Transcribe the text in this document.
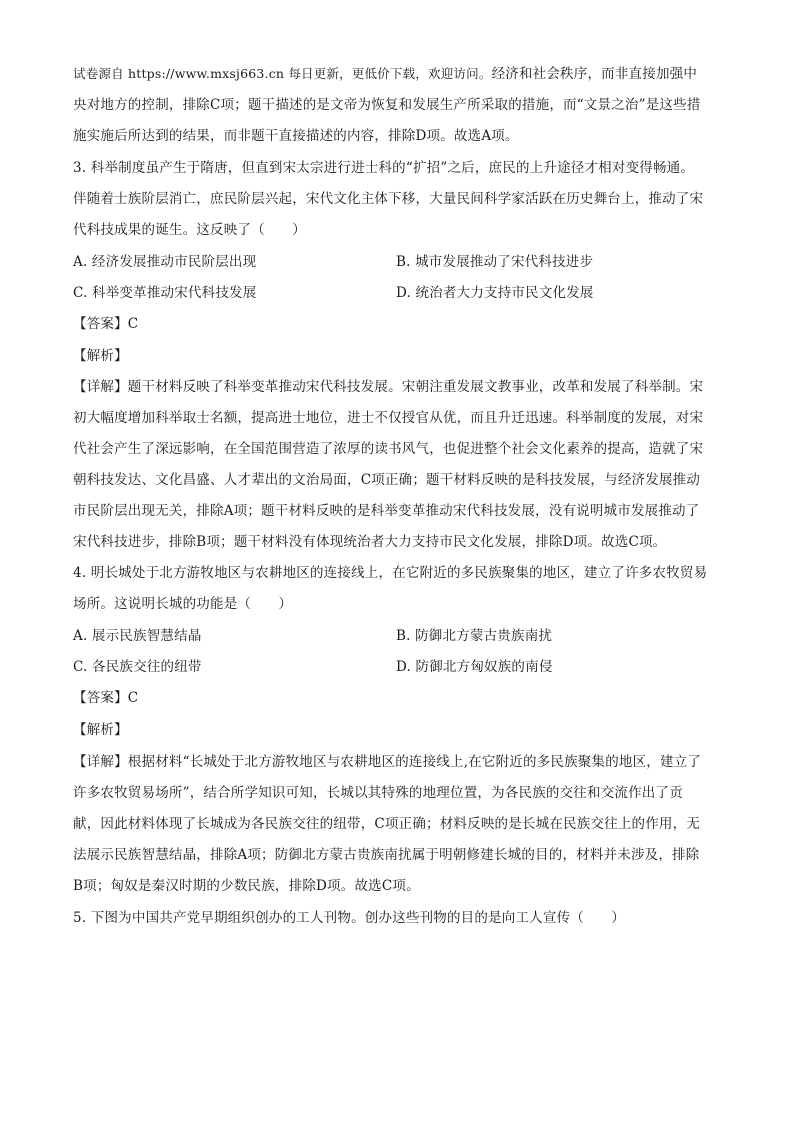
试卷源自 https://www.mxsj663.cn 每日更新，更低价下载，欢迎访问。经济和社会秩序，而非直接加强中
央对地方的控制，排除C项；题干描述的是文帝为恢复和发展生产所采取的措施，而“文景之治”是这些措
施实施后所达到的结果，而非题干直接描述的内容，排除D项。故选A项。
3. 科举制度虽产生于隋唐，但直到宋太宗进行进士科的“扩招”之后，庶民的上升途径才相对变得畅通。
伴随着士族阶层消亡，庶民阶层兴起，宋代文化主体下移，大量民间科学家活跃在历史舞台上，推动了宋
代科技成果的诞生。这反映了（　　）
A. 经济发展推动市民阶层出现	B. 城市发展推动了宋代科技进步
C. 科举变革推动宋代科技发展	D. 统治者大力支持市民文化发展
【答案】C
【解析】
【详解】题干材料反映了科举变革推动宋代科技发展。宋朝注重发展文教事业，改革和发展了科举制。宋
初大幅度增加科举取士名额，提高进士地位，进士不仅授官从优，而且升迁迅速。科举制度的发展，对宋
代社会产生了深远影响，在全国范围营造了浓厚的读书风气，也促进整个社会文化素养的提高，造就了宋
朝科技发达、文化昌盛、人才辈出的文治局面，C项正确；题干材料反映的是科技发展，与经济发展推动
市民阶层出现无关，排除A项；题干材料反映的是科举变革推动宋代科技发展，没有说明城市发展推动了
宋代科技进步，排除B项；题干材料没有体现统治者大力支持市民文化发展，排除D项。故选C项。
4. 明长城处于北方游牧地区与农耕地区的连接线上，在它附近的多民族聚集的地区，建立了许多农牧贸易
场所。这说明长城的功能是（　　）
A. 展示民族智慧结晶	B. 防御北方蒙古贵族南扰
C. 各民族交往的纽带	D. 防御北方匈奴族的南侵
【答案】C
【解析】
【详解】根据材料“长城处于北方游牧地区与农耕地区的连接线上,在它附近的多民族聚集的地区，建立了
许多农牧贸易场所”，结合所学知识可知，长城以其特殊的地理位置，为各民族的交往和交流作出了贡
献，因此材料体现了长城成为各民族交往的纽带，C项正确；材料反映的是长城在民族交往上的作用，无
法展示民族智慧结晶，排除A项；防御北方蒙古贵族南扰属于明朝修建长城的目的，材料并未涉及，排除
B项；匈奴是秦汉时期的少数民族，排除D项。故选C项。
5. 下图为中国共产党早期组织创办的工人刊物。创办这些刊物的目的是向工人宣传（　　）
